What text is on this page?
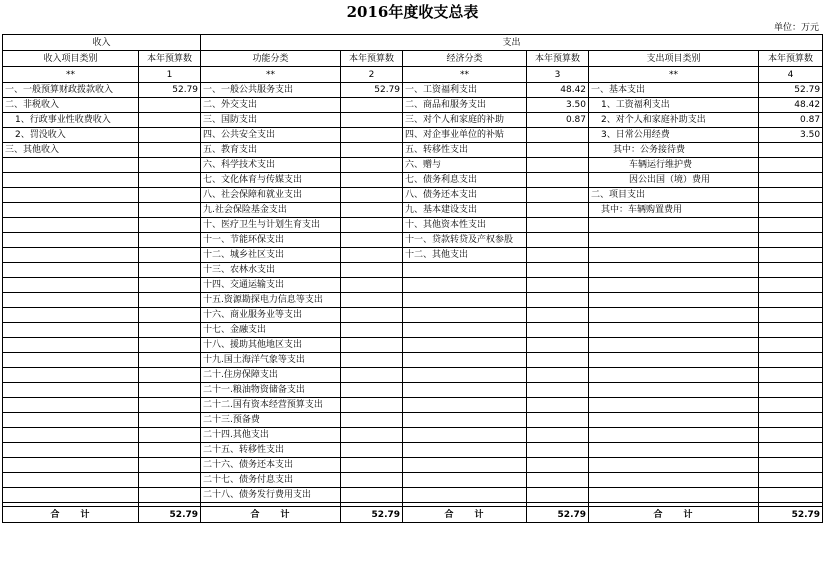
2016年度收支总表
单位：万元
收入		支出					
收入项目类别	本年预算数	功能分类	本年预算数	经济分类	本年预算数	支出项目类别	本年预算数
**	1	**	2	**	3	**	4
一、一般预算财政拨款收入	52.79	一、一般公共服务支出	52.79	一、工资福利支出	48.42	一、基本支出	52.79
二、非税收入		二、外交支出		二、商品和服务支出	3.50	1、工资福利支出	48.42
1、行政事业性收费收入		三、国防支出		三、对个人和家庭的补助	0.87	2、对个人和家庭补助支出	0.87
2、罚没收入		四、公共安全支出		四、对企事业单位的补贴		3、日常公用经费	3.50
三、其他收入		五、教育支出		五、转移性支出		其中：公务接待费	
		六、科学技术支出		六、赠与		车辆运行维护费	
		七、文化体育与传媒支出		七、债务利息支出		因公出国（境）费用	
		八、社会保障和就业支出		八、债务还本支出		二、项目支出	
		九.社会保险基金支出		九、基本建设支出		其中：车辆购置费用	
		十、医疗卫生与计划生育支出		十、其他资本性支出			
		十一、节能环保支出		十一、贷款转贷及产权参股			
		十二、城乡社区支出		十二、其他支出			
		十三、农林水支出					
		十四、交通运输支出					
		十五.资源勘探电力信息等支出					
		十六、商业服务业等支出					
		十七、金融支出					
		十八、援助其他地区支出					
		十九.国土海洋气象等支出					
		二十.住房保障支出					
		二十一.粮油物资储备支出					
		二十二.国有资本经营预算支出					
		二十三.预备费					
		二十四.其他支出					
		二十五、转移性支出					
		二十六、债务还本支出					
		二十七、债务付息支出					
		二十八、债务发行费用支出					

合　　计	52.79	合　　计	52.79	合　　计	52.79	合　　计	52.79
